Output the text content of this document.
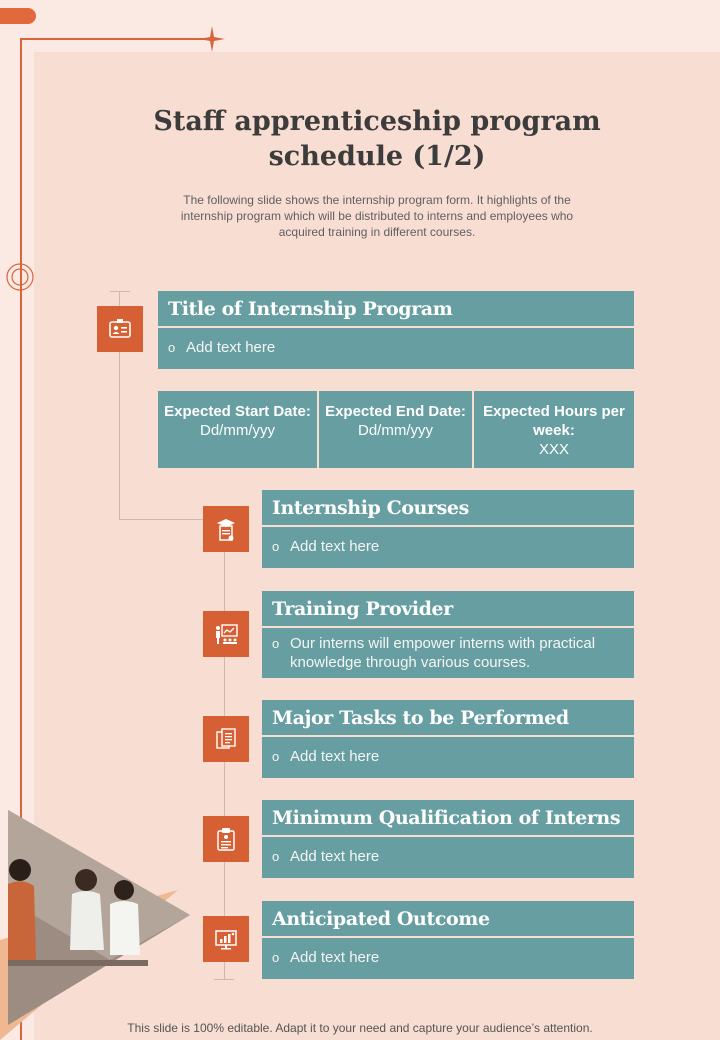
Staff apprenticeship program schedule (1/2)

The following slide shows the internship program form. It highlights of the internship program which will be distributed to interns and employees who acquired training in different courses.

Title of Internship Program
o Add text here
Expected Start Date:
Dd/mm/yyy
Expected End Date:
Dd/mm/yyy
Expected Hours per week:
XXX
Internship Courses
o Add text here
Training Provider
o Our interns will empower interns with practical knowledge through various courses.
Major Tasks to be Performed
o Add text here
Minimum Qualification of Interns
o Add text here
Anticipated Outcome
o Add text here
This slide is 100% editable. Adapt it to your need and capture your audience’s attention.
